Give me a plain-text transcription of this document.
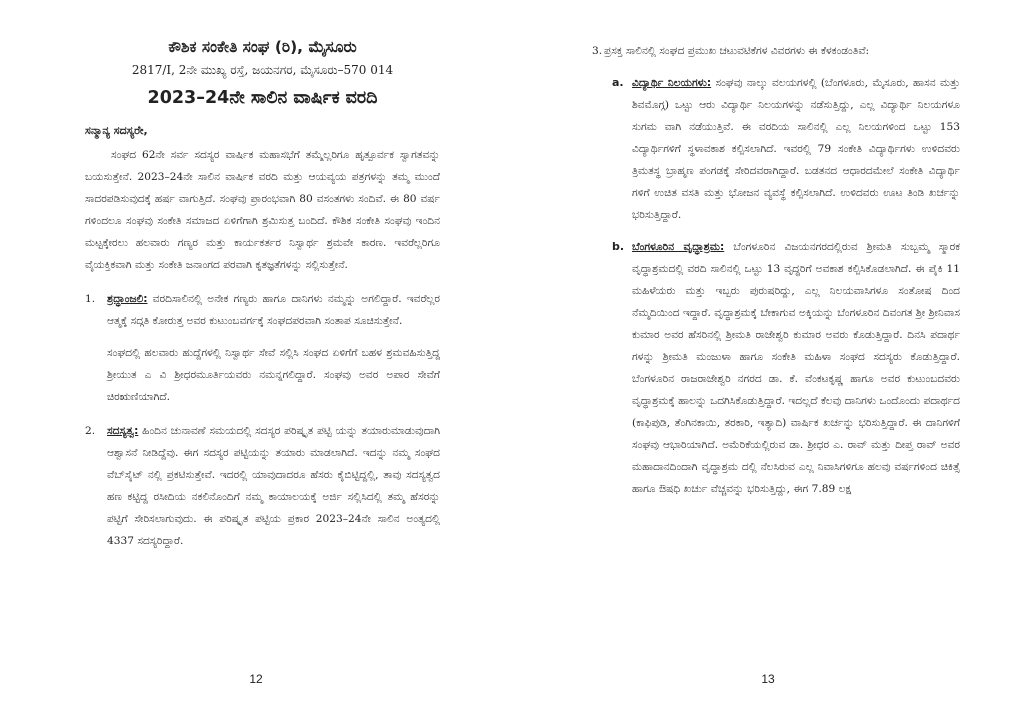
ಕೌಶಿಕ ಸಂಕೇತಿ ಸಂಘ (ರಿ), ಮೈಸೂರು

2817/I, 2ನೇ ಮುಖ್ಯ ರಸ್ತೆ, ಜಯನಗರ, ಮೈಸೂರು–570 014

2023–24ನೇ ಸಾಲಿನ ವಾರ್ಷಿಕ ವರದಿ

ಸನ್ಮಾನ್ಯ ಸದಸ್ಯರೇ,

ಸಂಘದ 62ನೇ ಸರ್ವ ಸದಸ್ಯರ ವಾರ್ಷಿಕ ಮಹಾಸಭೆಗೆ ತಮ್ಮೆಲ್ಲರಿಗೂ ಹೃತ್ಪೂರ್ವಕ ಸ್ವಾಗತವನ್ನು ಬಯಸುತ್ತೇನೆ. 2023–24ನೇ ಸಾಲಿನ ವಾರ್ಷಿಕ ವರದಿ ಮತ್ತು ಆಯವ್ಯಯ ಪತ್ರಗಳನ್ನು ತಮ್ಮ ಮುಂದೆ ಸಾದರಪಡಿಸುವುದಕ್ಕೆ ಹರ್ಷ ವಾಗುತ್ತಿದೆ. ಸಂಘವು ಪ್ರಾರಂಭವಾಗಿ 80 ವಸಂತಗಳು ಸಂದಿವೆ. ಈ 80 ವರ್ಷ ಗಳಿಂದಲೂ ಸಂಘವು ಸಂಕೇತಿ ಸಮಾಜದ ಏಳಿಗೆಗಾಗಿ ಶ್ರಮಿಸುತ್ತ ಬಂದಿದೆ. ಕೌಶಿಕ ಸಂಕೇತಿ ಸಂಘವು ಇಂದಿನ ಮಟ್ಟಕ್ಕೇರಲು ಹಲವಾರು ಗಣ್ಯರ ಮತ್ತು ಕಾರ್ಯಕರ್ತರ ನಿಸ್ವಾರ್ಥ ಶ್ರಮವೇ ಕಾರಣ. ಇವರೆಲ್ಲರಿಗೂ ವೈಯಕ್ತಿಕವಾಗಿ ಮತ್ತು ಸಂಕೇತಿ ಜನಾಂಗದ ಪರವಾಗಿ ಕೃತಜ್ಞತೆಗಳನ್ನು ಸಲ್ಲಿಸುತ್ತೇನೆ.

1.	ಶ್ರದ್ಧಾಂಜಲಿ: ವರದಿಸಾಲಿನಲ್ಲಿ ಅನೇಕ ಗಣ್ಯರು ಹಾಗೂ ದಾನಿಗಳು ನಮ್ಮನ್ನು ಅಗಲಿದ್ದಾರೆ. ಇವರೆಲ್ಲರ ಆತ್ಮಕ್ಕೆ ಸದ್ಗತಿ ಕೋರುತ್ತ ಅವರ ಕುಟುಂಬವರ್ಗಕ್ಕೆ ಸಂಘದಪರವಾಗಿ ಸಂತಾಪ ಸೂಚಿಸುತ್ತೇನೆ.

ಸಂಘದಲ್ಲಿ ಹಲವಾರು ಹುದ್ದೆಗಳಲ್ಲಿ ನಿಸ್ವಾರ್ಥ ಸೇವೆ ಸಲ್ಲಿಸಿ ಸಂಘದ ಏಳಿಗೆಗೆ ಬಹಳ ಶ್ರಮವಹಿಸುತ್ತಿದ್ದ ಶ್ರೀಯುತ ಎ ವಿ ಶ್ರೀಧರಮೂರ್ತಿಯವರು ನಮನ್ನಗಲಿದ್ದಾರೆ. ಸಂಘವು ಅವರ ಅಪಾರ ಸೇವೆಗೆ ಚಿರಋಣಿಯಾಗಿದೆ.

2.	ಸದಸ್ಯತ್ವ: ಹಿಂದಿನ ಚುನಾವಣೆ ಸಮಯದಲ್ಲಿ ಸದಸ್ಯರ ಪರಿಷ್ಕೃತ ಪಟ್ಟಿ ಯನ್ನು ತಯಾರುಮಾಡುವುದಾಗಿ ಆಶ್ವಾಸನೆ ನೀಡಿದ್ದೆವು. ಈಗ ಸದಸ್ಯರ ಪಟ್ಟಿಯನ್ನು ತಯಾರು ಮಾಡಲಾಗಿದೆ. ಇದನ್ನು ನಮ್ಮ ಸಂಘದ ವೆಬ್‌ಸೈಟ್ ನಲ್ಲಿ ಪ್ರಕಟಿಸುತ್ತೇವೆ. ಇದರಲ್ಲಿ ಯಾವುದಾದರೂ ಹೆಸರು ಕೈಬಿಟ್ಟಿದ್ದಲ್ಲಿ, ತಾವು ಸದಸ್ಯತ್ವದ ಹಣ ಕಟ್ಟಿದ್ದ ರಸೀದಿಯ ನಕಲಿನೊಂದಿಗೆ ನಮ್ಮ ಕಾಯಾಲಯಕ್ಕೆ ಅರ್ಜಿ ಸಲ್ಲಿಸಿದಲ್ಲಿ ತಮ್ಮ ಹೆಸರನ್ನು ಪಟ್ಟಿಗೆ ಸೇರಿಸಲಾಗುವುದು. ಈ ಪರಿಷ್ಕೃತ ಪಟ್ಟಿಯ ಪ್ರಕಾರ 2023–24ನೇ ಸಾಲಿನ ಅಂತ್ಯದಲ್ಲಿ 4337 ಸದಸ್ಯರಿದ್ದಾರೆ.

12
3. ಪ್ರಸಕ್ತ ಸಾಲಿನಲ್ಲಿ ಸಂಘದ ಪ್ರಮುಖ ಚಟುವಟಿಕೆಗಳ ವಿವರಗಳು ಈ ಕೆಳಕಂಡಂತಿವೆ:

a. ವಿದ್ಯಾರ್ಥಿ ನಿಲಯಗಳು: ಸಂಘವು ನಾಲ್ಕು ವಲಯಗಳಲ್ಲಿ (ಬೆಂಗಳೂರು, ಮೈಸೂರು, ಹಾಸನ ಮತ್ತು ಶಿವಮೊಗ್ಗ) ಒಟ್ಟು ಆರು ವಿದ್ಯಾರ್ಥಿ ನಿಲಯಗಳನ್ನು ನಡೆಸುತ್ತಿದ್ದು, ಎಲ್ಲ ವಿದ್ಯಾರ್ಥಿ ನಿಲಯಗಳೂ ಸುಗಮ ವಾಗಿ ನಡೆಯುತ್ತಿವೆ. ಈ ವರದಿಯ ಸಾಲಿನಲ್ಲಿ ಎಲ್ಲ ನಿಲಯಗಳಿಂದ ಒಟ್ಟು 153 ವಿದ್ಯಾರ್ಥಿಗಳಿಗೆ ಸ್ಥಳಾವಕಾಶ ಕಲ್ಪಿಸಲಾಗಿದೆ. ಇವರಲ್ಲಿ 79 ಸಂಕೇತಿ ವಿದ್ಯಾರ್ಥಿಗಳು ಉಳಿದವರು ತ್ರಿಮತಸ್ಥ ಬ್ರಾಹ್ಮಣ ಪಂಗಡಕ್ಕೆ ಸೇರಿದವರಾಗಿದ್ದಾರೆ. ಬಡತನದ ಆಧಾರದಮೇಲೆ ಸಂಕೇತಿ ವಿದ್ಯಾರ್ಥಿ ಗಳಿಗೆ ಉಚಿತ ವಸತಿ ಮತ್ತು ಭೋಜನ ವ್ಯವಸ್ಥೆ ಕಲ್ಪಿಸಲಾಗಿದೆ. ಉಳಿದವರು ಊಟ ತಿಂಡಿ ಖರ್ಚನ್ನು ಭರಿಸುತ್ತಿದ್ದಾರೆ.

b. ಬೆಂಗಳೂರಿನ ವೃದ್ಧಾಶ್ರಮ: ಬೆಂಗಳೂರಿನ ವಿಜಯನಗರದಲ್ಲಿರುವ ಶ್ರೀಮತಿ ಸುಬ್ಬಮ್ಮ ಸ್ಮಾರಕ ವೃದ್ಧಾಶ್ರಮದಲ್ಲಿ ವರದಿ ಸಾಲಿನಲ್ಲಿ ಒಟ್ಟು 13 ವೃದ್ಧರಿಗೆ ಅವಕಾಶ ಕಲ್ಪಿಸಿಕೊಡಲಾಗಿದೆ. ಈ ಪೈಕಿ 11 ಮಹಿಳೆಯರು ಮತ್ತು ಇಬ್ಬರು ಪುರುಷರಿದ್ದು, ಎಲ್ಲ ನಿಲಯವಾಸಿಗಳೂ ಸಂತೋಷ ದಿಂದ ನೆಮ್ಮದಿಯಿಂದ ಇದ್ದಾರೆ. ವೃದ್ಧಾಶ್ರಮಕ್ಕೆ ಬೇಕಾಗುವ ಅಕ್ಕಿಯನ್ನು ಬೆಂಗಳೂರಿನ ದಿವಂಗತ ಶ್ರೀ ಶ್ರೀನಿವಾಸ ಕುಮಾರ ಅವರ ಹೆಸರಿನಲ್ಲಿ ಶ್ರೀಮತಿ ರಾಜೇಶ್ವರಿ ಕುಮಾರ ಅವರು ಕೊಡುತ್ತಿದ್ದಾರೆ. ದಿನಸಿ ಪದಾರ್ಥ ಗಳನ್ನು ಶ್ರೀಮತಿ ಮಂಜುಳಾ ಹಾಗೂ ಸಂಕೇತಿ ಮಹಿಳಾ ಸಂಘದ ಸದಸ್ಯರು ಕೊಡುತ್ತಿದ್ದಾರೆ. ಬೆಂಗಳೂರಿನ ರಾಜರಾಜೇಶ್ವರಿ ನಗರದ ಡಾ. ಕೆ. ವೆಂಕಟಕೃಷ್ಣ ಹಾಗೂ ಅವರ ಕುಟುಂಬದವರು ವೃದ್ಧಾಶ್ರಮಕ್ಕೆ ಹಾಲನ್ನು ಒದಗಿಸಿಕೊಡುತ್ತಿದ್ದಾರೆ. ಇದಲ್ಲದೆ ಕೆಲವು ದಾನಿಗಳು ಒಂದೊಂದು ಪದಾರ್ಥದ (ಕಾಫಿಪುಡಿ, ತೆಂಗಿನಕಾಯಿ, ತರಕಾರಿ, ಇತ್ಯಾದಿ) ವಾರ್ಷಿಕ ಖರ್ಚನ್ನು ಭರಿಸುತ್ತಿದ್ದಾರೆ. ಈ ದಾನಿಗಳಿಗೆ ಸಂಘವು ಆಭಾರಿಯಾಗಿದೆ. ಅಮೆರಿಕೆಯಲ್ಲಿರುವ ಡಾ. ಶ್ರೀಧರ ಎ. ರಾವ್ ಮತ್ತು ದೀಪ್ತ ರಾವ್ ಅವರ ಮಹಾದಾನದಿಂದಾಗಿ ವೃದ್ಧಾಶ್ರಮ ದಲ್ಲಿ ನೆಲಸಿರುವ ಎಲ್ಲ ನಿವಾಸಿಗಳಿಗೂ ಹಲವು ವರ್ಷಗಳಿಂದ ಚಿಕಿತ್ಸೆ ಹಾಗೂ ಔಷಧಿ ಖರ್ಚು ವೆಚ್ಚವನ್ನು ಭರಿಸುತ್ತಿದ್ದು, ಈಗ 7.89 ಲಕ್ಷ

13
